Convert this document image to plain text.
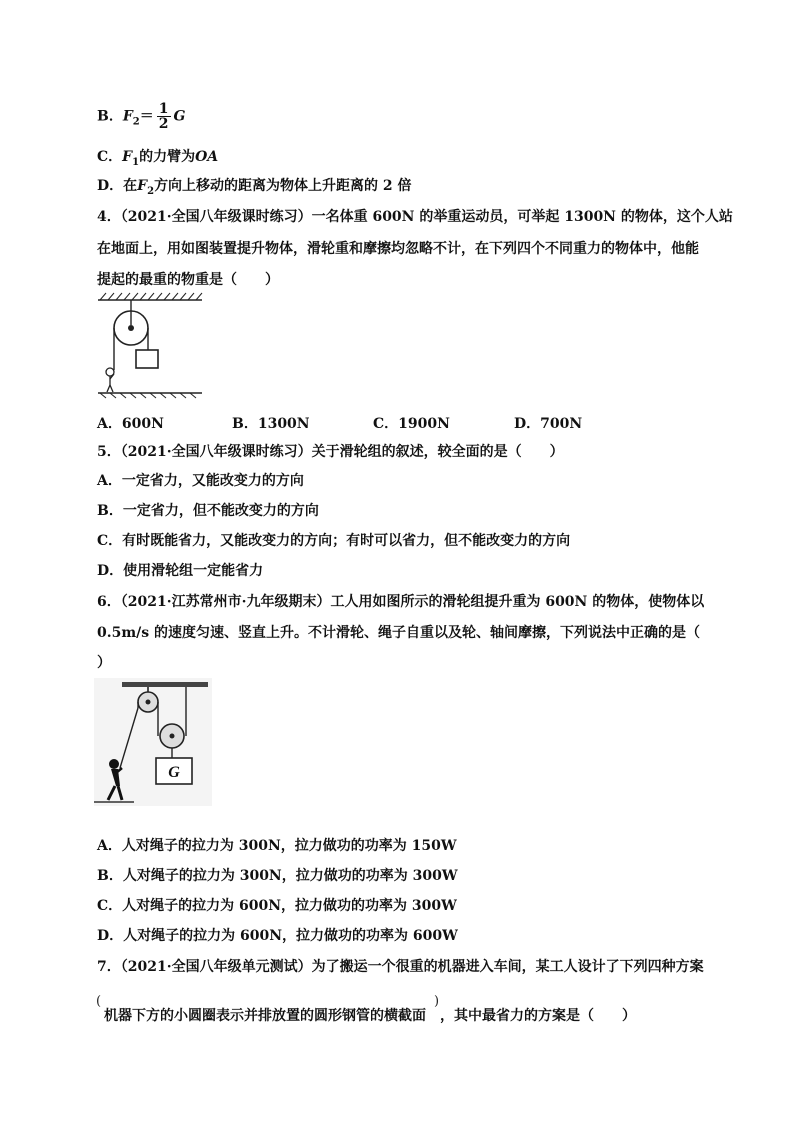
B．$F_2= \frac{1}{2}$ G
C．$F_1$的力臂为OA
D．在$F_2$方向上移动的距离为物体上升距离的 2 倍
4．（2021·全国八年级课时练习）一名体重 600N 的举重运动员，可举起 1300N 的物体，这个人站
在地面上，用如图装置提升物体，滑轮重和摩擦均忽略不计，在下列四个不同重力的物体中，他能
提起的最重的物重是（　　）
A．600N	B．1300N	C．1900N	D．700N
5．（2021·全国八年级课时练习）关于滑轮组的叙述，较全面的是（　　）
A．一定省力，又能改变力的方向
B．一定省力，但不能改变力的方向
C．有时既能省力，又能改变力的方向；有时可以省力，但不能改变力的方向
D．使用滑轮组一定能省力
6．（2021·江苏常州市·九年级期末）工人用如图所示的滑轮组提升重为 600N 的物体，使物体以
0.5m/s 的速度匀速、竖直上升。不计滑轮、绳子自重以及轮、轴间摩擦，下列说法中正确的是（
）
G
A．人对绳子的拉力为 300N，拉力做功的功率为 150W
B．人对绳子的拉力为 300N，拉力做功的功率为 300W
C．人对绳子的拉力为 600N，拉力做功的功率为 300W
D．人对绳子的拉力为 600N，拉力做功的功率为 600W
7．（2021·全国八年级单元测试）为了搬运一个很重的机器进入车间，某工人设计了下列四种方案
(
机器下方的小圆圈表示并排放置的圆形钢管的横截面
)
，其中最省力的方案是（　　）
